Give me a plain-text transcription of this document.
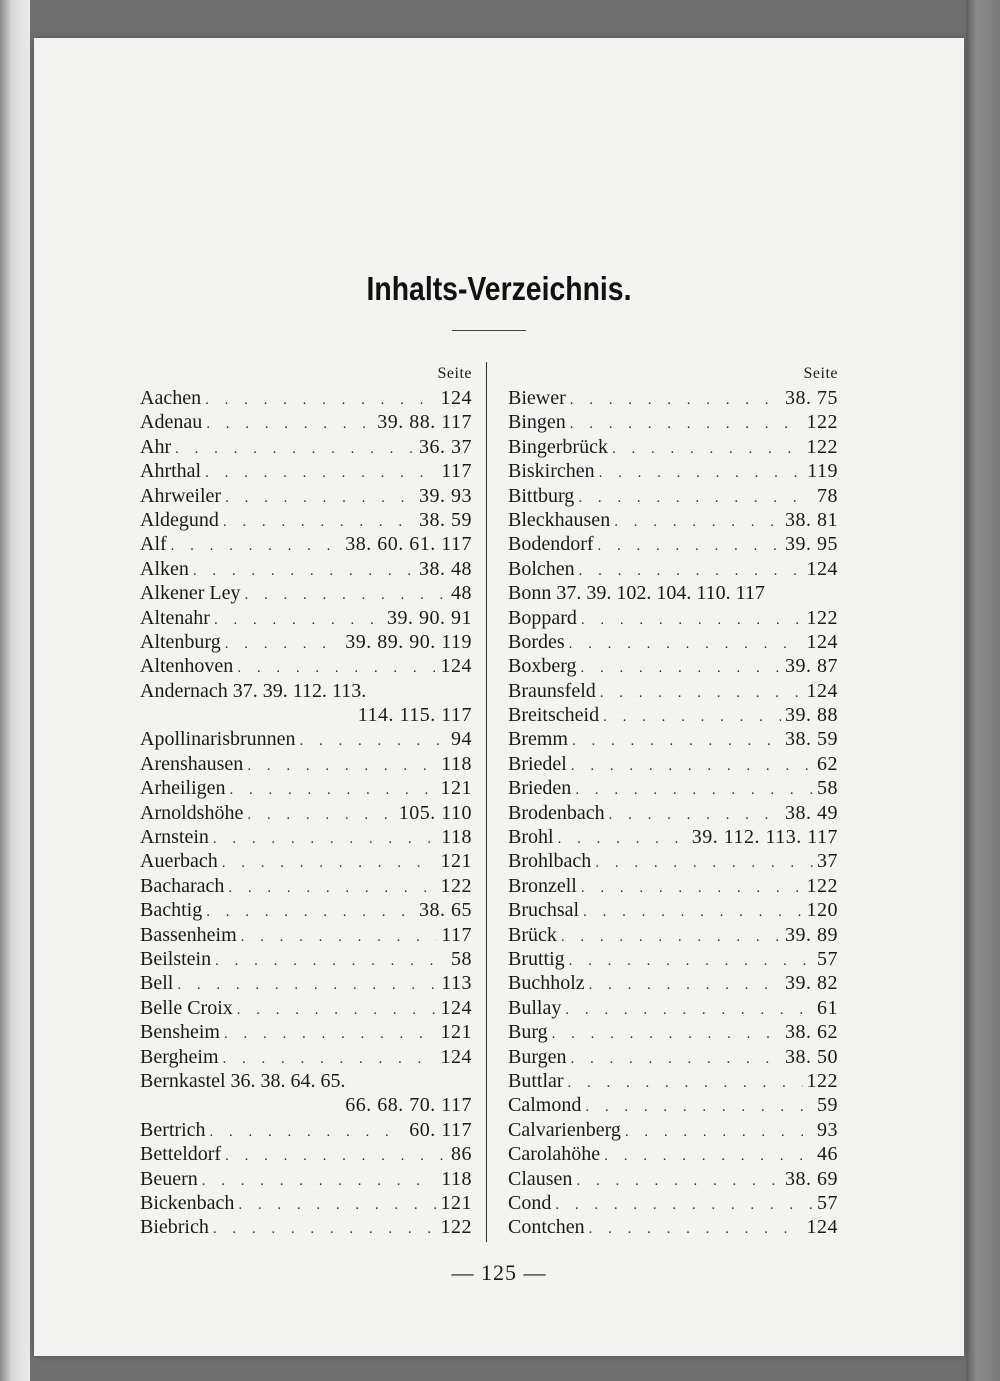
Inhalts-Verzeichnis.
Seite
Aachen . . .	124
Adenau . . .	39. 88. 117
Ahr . . .	36. 37
Ahrthal . . .	117
Ahrweiler . . .	39. 93
Aldegund . . .	38. 59
Alf . . .	38. 60. 61. 117
Alken . . .	38. 48
Alkener Ley . . .	48
Altenahr . . .	39. 90. 91
Altenburg . . .	39. 89. 90. 119
Altenhoven . . .	124
Andernach 37. 39. 112. 113.
114. 115. 117
Apollinarisbrunnen . . .	94
Arenshausen . . .	118
Arheiligen . . .	121
Arnoldshöhe . . .	105. 110
Arnstein . . .	118
Auerbach . . .	121
Bacharach . . .	122
Bachtig . . .	38. 65
Bassenheim . . .	117
Beilstein . . .	58
Bell . . .	113
Belle Croix . . .	124
Bensheim . . .	121
Bergheim . . .	124
Bernkastel 36. 38. 64. 65.
66. 68. 70. 117
Bertrich . . .	60. 117
Betteldorf . . .	86
Beuern . . .	118
Bickenbach . . .	121
Biebrich . . .	122
Seite
Biewer . . .	38. 75
Bingen . . .	122
Bingerbrück . . .	122
Biskirchen . . .	119
Bittburg . . .	78
Bleckhausen . . .	38. 81
Bodendorf . . .	39. 95
Bolchen . . .	124
Bonn 37. 39. 102. 104. 110. 117
Boppard . . .	122
Bordes . . .	124
Boxberg . . .	39. 87
Braunsfeld . . .	124
Breitscheid . . .	39. 88
Bremm . . .	38. 59
Briedel . . .	62
Brieden . . .	58
Brodenbach . . .	38. 49
Brohl . . .	39. 112. 113. 117
Brohlbach . . .	37
Bronzell . . .	122
Bruchsal . . .	120
Brück . . .	39. 89
Bruttig . . .	57
Buchholz . . .	39. 82
Bullay . . .	61
Burg . . .	38. 62
Burgen . . .	38. 50
Buttlar . . .	122
Calmond . . .	59
Calvarienberg . . .	93
Carolahöhe . . .	46
Clausen . . .	38. 69
Cond . . .	57
Contchen . . .	124
— 125 —
